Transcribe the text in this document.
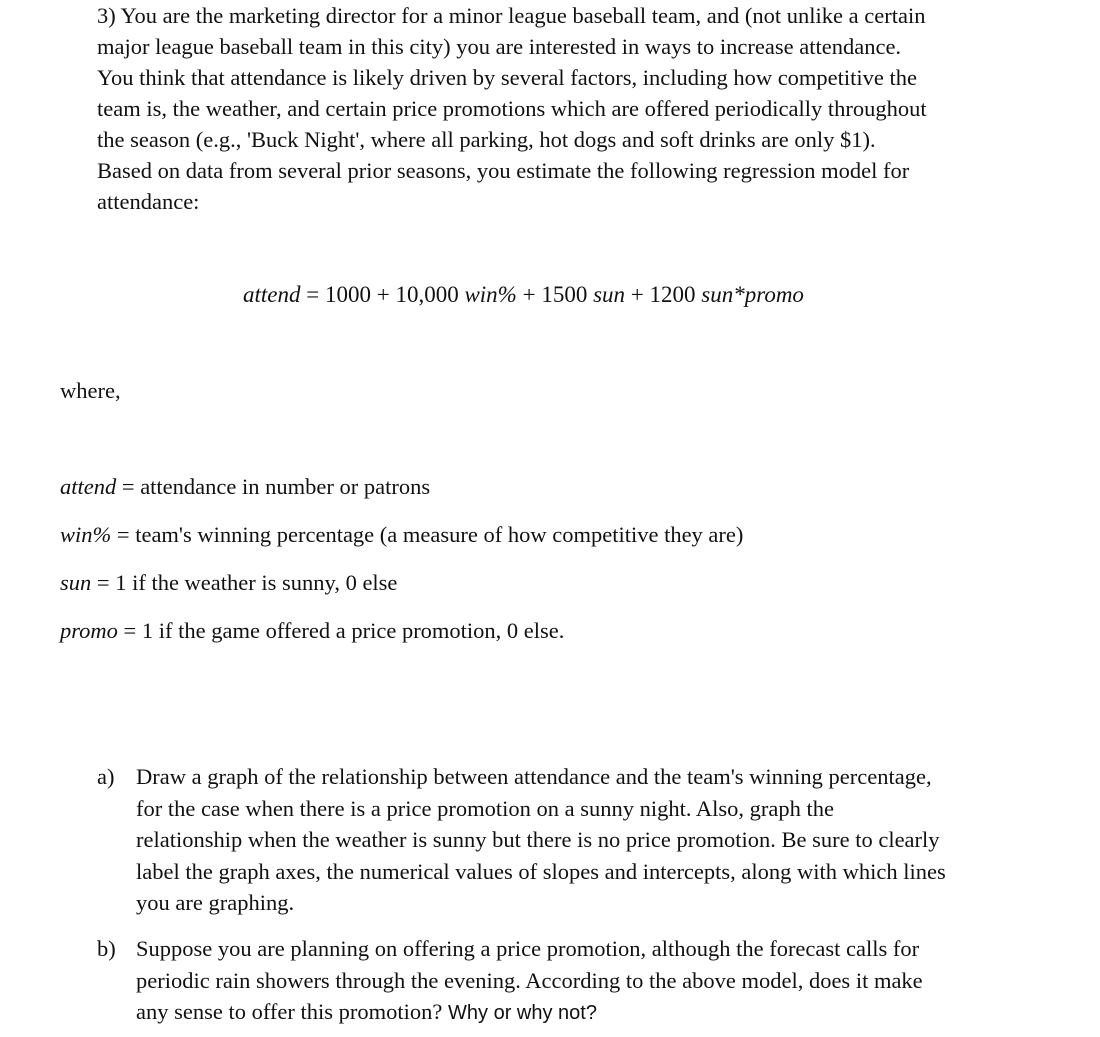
3) You are the marketing director for a minor league baseball team, and (not unlike a certain
major league baseball team in this city) you are interested in ways to increase attendance.
You think that attendance is likely driven by several factors, including how competitive the
team is, the weather, and certain price promotions which are offered periodically throughout
the season (e.g., 'Buck Night', where all parking, hot dogs and soft drinks are only $1).
Based on data from several prior seasons, you estimate the following regression model for
attendance:
attend = 1000 + 10,000 win% + 1500 sun + 1200 sun*promo
where,
attend = attendance in number or patrons
win% = team's winning percentage (a measure of how competitive they are)
sun = 1 if the weather is sunny, 0 else
promo = 1 if the game offered a price promotion, 0 else.
a) Draw a graph of the relationship between attendance and the team's winning percentage,
for the case when there is a price promotion on a sunny night. Also, graph the
relationship when the weather is sunny but there is no price promotion. Be sure to clearly
label the graph axes, the numerical values of slopes and intercepts, along with which lines
you are graphing.
b) Suppose you are planning on offering a price promotion, although the forecast calls for
periodic rain showers through the evening. According to the above model, does it make
any sense to offer this promotion? Why or why not?
